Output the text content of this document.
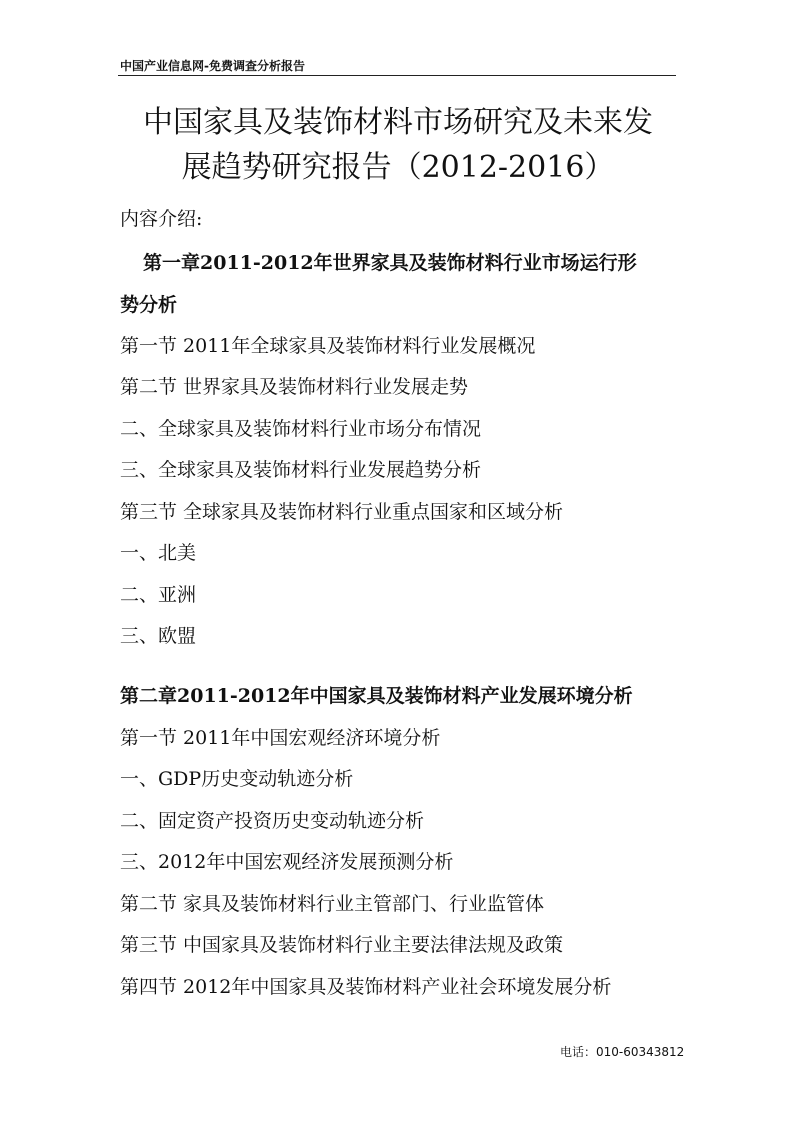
中国产业信息网-免费调查分析报告
中国家具及装饰材料市场研究及未来发
展趋势研究报告（2012-2016）
内容介绍:
第一章2011-2012年世界家具及装饰材料行业市场运行形
势分析
第一节 2011年全球家具及装饰材料行业发展概况
第二节 世界家具及装饰材料行业发展走势
二、全球家具及装饰材料行业市场分布情况
三、全球家具及装饰材料行业发展趋势分析
第三节 全球家具及装饰材料行业重点国家和区域分析
一、北美
二、亚洲
三、欧盟
第二章2011-2012年中国家具及装饰材料产业发展环境分析
第一节 2011年中国宏观经济环境分析
一、GDP历史变动轨迹分析
二、固定资产投资历史变动轨迹分析
三、2012年中国宏观经济发展预测分析
第二节 家具及装饰材料行业主管部门、行业监管体
第三节 中国家具及装饰材料行业主要法律法规及政策
第四节 2012年中国家具及装饰材料产业社会环境发展分析
电话：010-60343812
